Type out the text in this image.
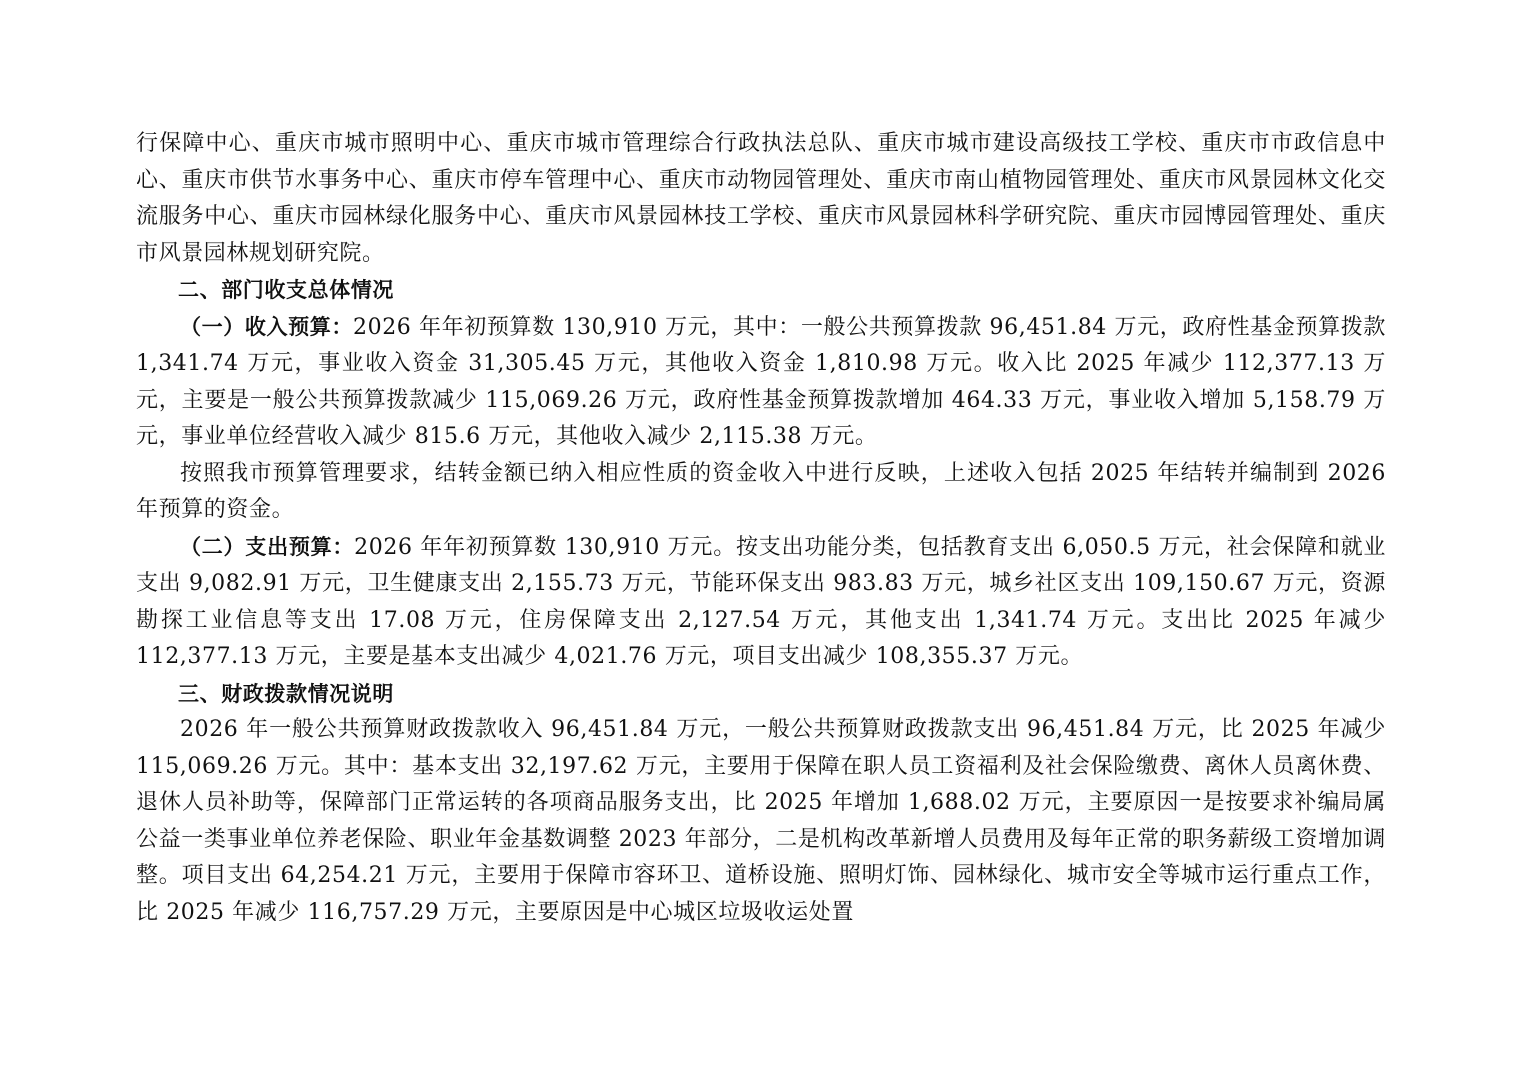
行保障中心、重庆市城市照明中心、重庆市城市管理综合行政执法总队、重庆市城市建设高级技工学校、重庆市市政信息中心、重庆市供节水事务中心、重庆市停车管理中心、重庆市动物园管理处、重庆市南山植物园管理处、重庆市风景园林文化交流服务中心、重庆市园林绿化服务中心、重庆市风景园林技工学校、重庆市风景园林科学研究院、重庆市园博园管理处、重庆市风景园林规划研究院。

二、部门收支总体情况

（一）收入预算：2026 年年初预算数 130,910 万元，其中：一般公共预算拨款 96,451.84 万元，政府性基金预算拨款 1,341.74 万元，事业收入资金 31,305.45 万元，其他收入资金 1,810.98 万元。收入比 2025 年减少 112,377.13 万元，主要是一般公共预算拨款减少 115,069.26 万元，政府性基金预算拨款增加 464.33 万元，事业收入增加 5,158.79 万元，事业单位经营收入减少 815.6 万元，其他收入减少 2,115.38 万元。

按照我市预算管理要求，结转金额已纳入相应性质的资金收入中进行反映，上述收入包括 2025 年结转并编制到 2026 年预算的资金。

（二）支出预算：2026 年年初预算数 130,910 万元。按支出功能分类，包括教育支出 6,050.5 万元，社会保障和就业支出 9,082.91 万元，卫生健康支出 2,155.73 万元，节能环保支出 983.83 万元，城乡社区支出 109,150.67 万元，资源勘探工业信息等支出 17.08 万元，住房保障支出 2,127.54 万元，其他支出 1,341.74 万元。支出比 2025 年减少 112,377.13 万元，主要是基本支出减少 4,021.76 万元，项目支出减少 108,355.37 万元。

三、财政拨款情况说明

2026 年一般公共预算财政拨款收入 96,451.84 万元，一般公共预算财政拨款支出 96,451.84 万元，比 2025 年减少 115,069.26 万元。其中：基本支出 32,197.62 万元，主要用于保障在职人员工资福利及社会保险缴费、离休人员离休费、退休人员补助等，保障部门正常运转的各项商品服务支出，比 2025 年增加 1,688.02 万元，主要原因一是按要求补编局属公益一类事业单位养老保险、职业年金基数调整 2023 年部分，二是机构改革新增人员费用及每年正常的职务薪级工资增加调整。项目支出 64,254.21 万元，主要用于保障市容环卫、道桥设施、照明灯饰、园林绿化、城市安全等城市运行重点工作，比 2025 年减少 116,757.29 万元，主要原因是中心城区垃圾收运处置
